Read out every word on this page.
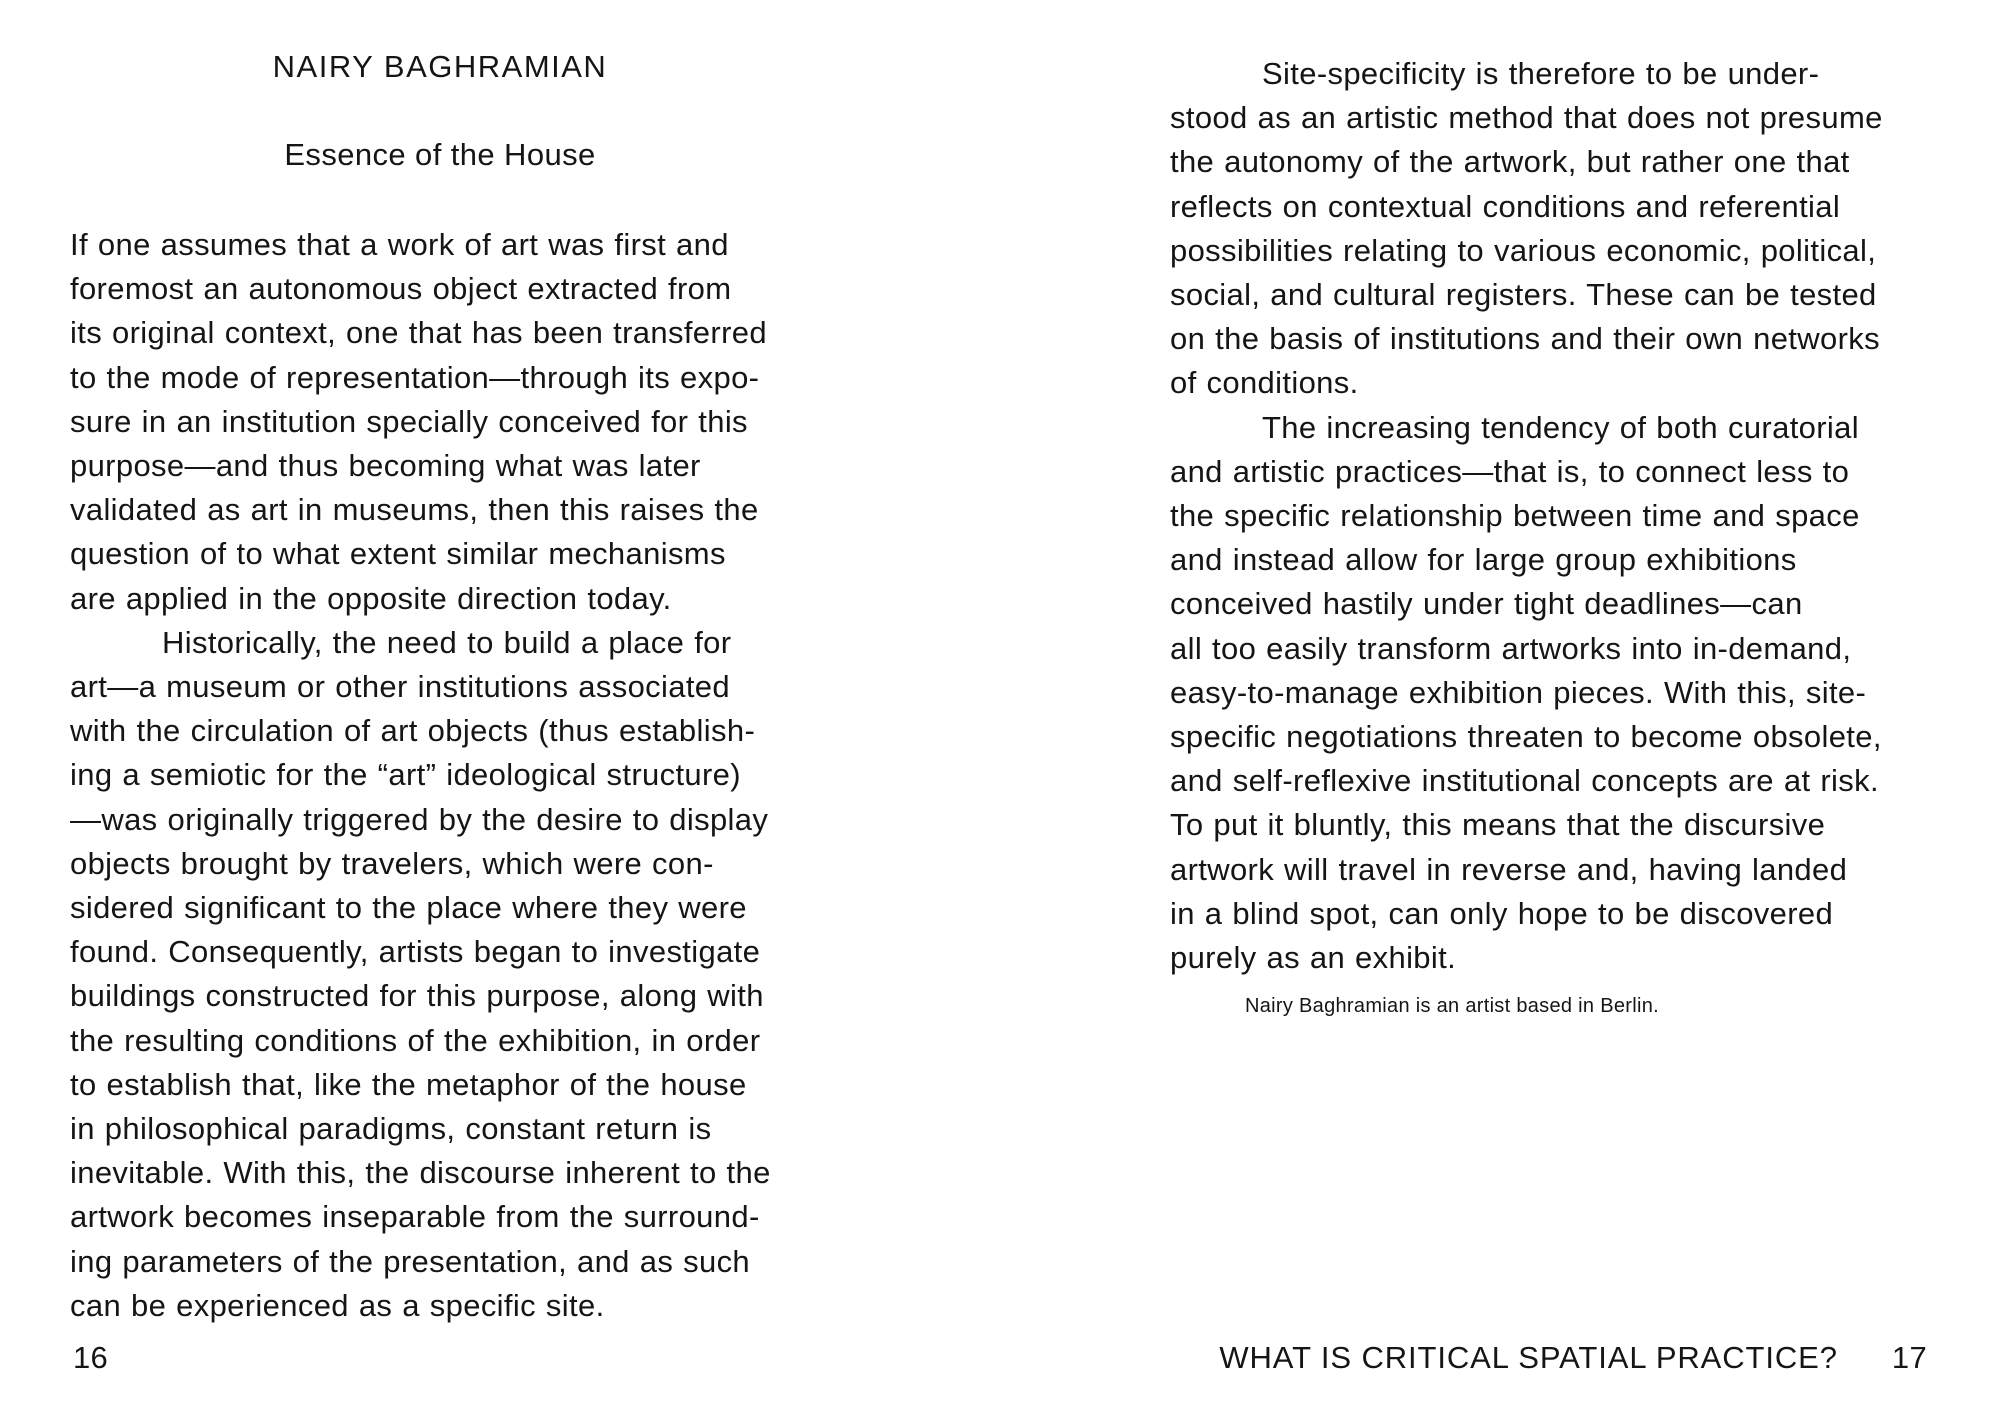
NAIRY BAGHRAMIAN
Essence of the House
If one assumes that a work of art was first and
foremost an autonomous object extracted from
its original context, one that has been transferred
to the mode of representation—through its expo-
sure in an institution specially conceived for this
purpose—and thus becoming what was later
validated as art in museums, then this raises the
question of to what extent similar mechanisms
are applied in the opposite direction today.
Historically, the need to build a place for
art—a museum or other institutions associated
with the circulation of art objects (thus establish-
ing a semiotic for the “art” ideological structure)
—was originally triggered by the desire to display
objects brought by travelers, which were con-
sidered significant to the place where they were
found. Consequently, artists began to investigate
buildings constructed for this purpose, along with
the resulting conditions of the exhibition, in order
to establish that, like the metaphor of the house
in philosophical paradigms, constant return is
inevitable. With this, the discourse inherent to the
artwork becomes inseparable from the surround-
ing parameters of the presentation, and as such
can be experienced as a specific site.
16
Site-specificity is therefore to be under-
stood as an artistic method that does not presume
the autonomy of the artwork, but rather one that
reflects on contextual conditions and referential
possibilities relating to various economic, political,
social, and cultural registers. These can be tested
on the basis of institutions and their own networks
of conditions.
The increasing tendency of both curatorial
and artistic practices—that is, to connect less to
the specific relationship between time and space
and instead allow for large group exhibitions
conceived hastily under tight deadlines—can
all too easily transform artworks into in-demand,
easy-to-manage exhibition pieces. With this, site-
specific negotiations threaten to become obsolete,
and self-reflexive institutional concepts are at risk.
To put it bluntly, this means that the discursive
artwork will travel in reverse and, having landed
in a blind spot, can only hope to be discovered
purely as an exhibit.
Nairy Baghramian is an artist based in Berlin.
WHAT IS CRITICAL SPATIAL PRACTICE? 17
